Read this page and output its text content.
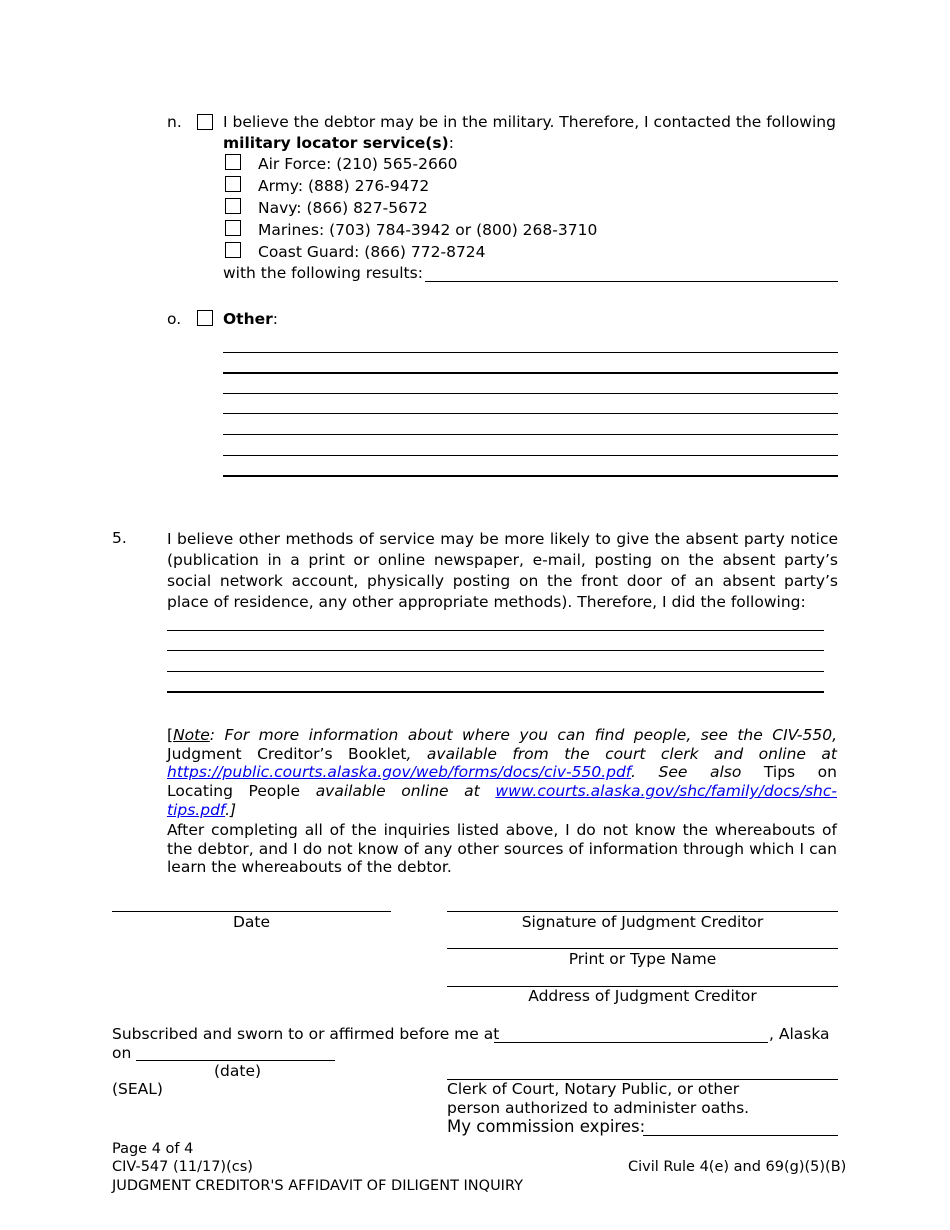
n.	I believe the debtor may be in the military. Therefore, I contacted the following
military locator service(s):
Air Force: (210) 565-2660
Army: (888) 276-9472
Navy: (866) 827-5672
Marines: (703) 784-3942 or (800) 268-3710
Coast Guard: (866) 772-8724
with the following results:
o.	Other:
5.	I believe other methods of service may be more likely to give the absent party notice (publication in a print or online newspaper, e-mail, posting on the absent party’s social network account, physically posting on the front door of an absent party’s place of residence, any other appropriate methods). Therefore, I did the following:
[Note: For more information about where you can find people, see the CIV-550, Judgment Creditor’s Booklet, available from the court clerk and online at https://public.courts.alaska.gov/web/forms/docs/civ-550.pdf. See also Tips on Locating People available online at www.courts.alaska.gov/shc/family/docs/shc-tips.pdf.]
After completing all of the inquiries listed above, I do not know the whereabouts of the debtor, and I do not know of any other sources of information through which I can learn the whereabouts of the debtor.
Date	Signature of Judgment Creditor
Print or Type Name
Address of Judgment Creditor
Subscribed and sworn to or affirmed before me at	, Alaska
on
(date)
(SEAL)	Clerk of Court, Notary Public, or other
person authorized to administer oaths.
My commission expires:
Page 4 of 4
CIV-547 (11/17)(cs)
JUDGMENT CREDITOR'S AFFIDAVIT OF DILIGENT INQUIRY
Civil Rule 4(e) and 69(g)(5)(B)
